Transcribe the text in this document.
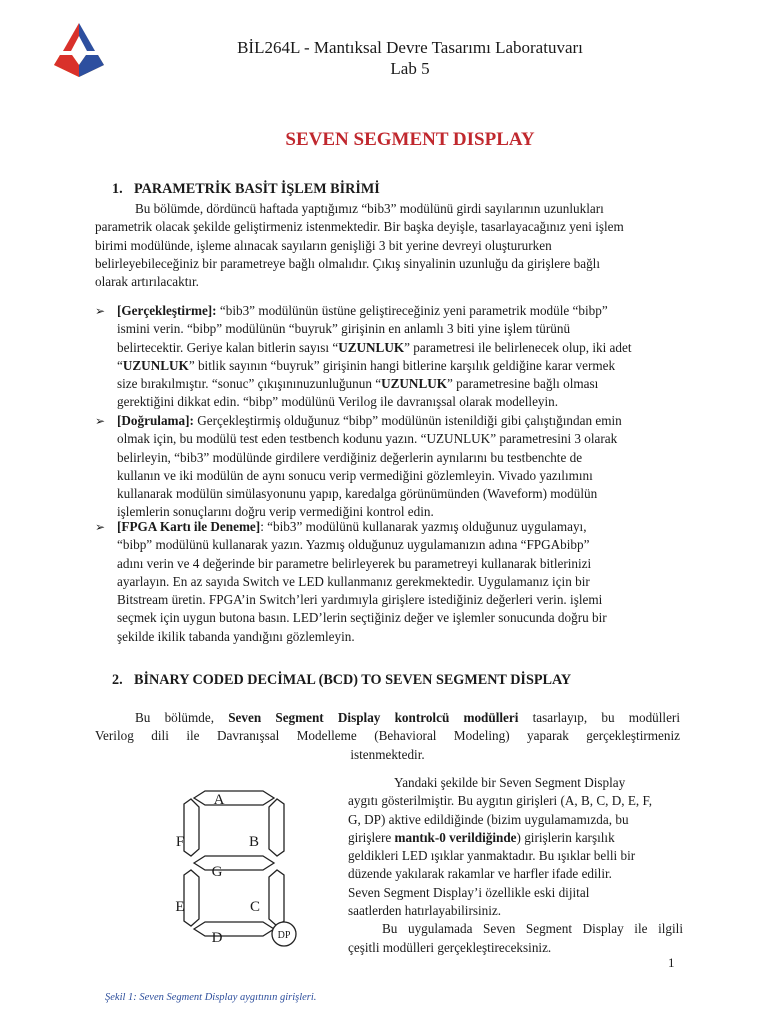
BİL264L - Mantıksal Devre Tasarımı Laboratuvarı
Lab 5
SEVEN SEGMENT DISPLAY
1. PARAMETRİK BASİT İŞLEM BİRİMİ
Bu bölümde, dördüncü haftada yaptığımız “bib3” modülünü girdi sayılarının uzunlukları
parametrik olacak şekilde geliştirmeniz istenmektedir. Bir başka deyişle, tasarlayacağınız yeni işlem
birimi modülünde, işleme alınacak sayıların genişliği 3 bit yerine devreyi oluştururken
belirleyebileceğiniz bir parametreye bağlı olmalıdır. Çıkış sinyalinin uzunluğu da girişlere bağlı
olarak artırılacaktır.
➢ [Gerçekleştirme]: “bib3” modülünün üstüne geliştireceğiniz yeni parametrik modüle “bibp”
ismini verin. “bibp” modülünün “buyruk” girişinin en anlamlı 3 biti yine işlem türünü
belirtecektir. Geriye kalan bitlerin sayısı “UZUNLUK” parametresi ile belirlenecek olup, iki adet
“UZUNLUK” bitlik sayının “buyruk” girişinin hangi bitlerine karşılık geldiğine karar vermek
size bırakılmıştır. “sonuc” çıkışınınuzunluğunun “UZUNLUK” parametresine bağlı olması
gerektiğini dikkat edin. “bibp” modülünü Verilog ile davranışsal olarak modelleyin.
➢ [Doğrulama]: Gerçekleştirmiş olduğunuz “bibp” modülünün istenildiği gibi çalıştığından emin
olmak için, bu modülü test eden testbench kodunu yazın. “UZUNLUK” parametresini 3 olarak
belirleyin, “bib3” modülünde girdilere verdiğiniz değerlerin aynılarını bu testbenchte de
kullanın ve iki modülün de aynı sonucu verip vermediğini gözlemleyin. Vivado yazılımını
kullanarak modülün simülasyonunu yapıp, karedalga görünümünden (Waveform) modülün
işlemlerin sonuçlarını doğru verip vermediğini kontrol edin.
➢ [FPGA Kartı ile Deneme]: “bib3” modülünü kullanarak yazmış olduğunuz uygulamayı,
“bibp” modülünü kullanarak yazın. Yazmış olduğunuz uygulamanızın adına “FPGAbibp”
adını verin ve 4 değerinde bir parametre belirleyerek bu parametreyi kullanarak bitlerinizi
ayarlayın. En az sayıda Switch ve LED kullanmanız gerekmektedir. Uygulamanız için bir
Bitstream üretin. FPGA’in Switch’leri yardımıyla girişlere istediğiniz değerleri verin. işlemi
seçmek için uygun butona basın. LED’lerin seçtiğiniz değer ve işlemler sonucunda doğru bir
şekilde ikilik tabanda yandığını gözlemleyin.
2. BİNARY CODED DECİMAL (BCD) TO SEVEN SEGMENT DİSPLAY
Bu bölümde, Seven Segment Display kontrolcü modülleri tasarlayıp, bu modülleri
Verilog dili ile Davranışsal Modelleme (Behavioral Modeling) yaparak gerçekleştirmeniz
istenmektedir.
A
F	B
G
E	C
D	DP
Yandaki şekilde bir Seven Segment Display
aygıtı gösterilmiştir. Bu aygıtın girişleri (A, B, C, D, E, F,
G, DP) aktive edildiğinde (bizim uygulamamızda, bu
girişlere mantık-0 verildiğinde) girişlerin karşılık
geldikleri LED ışıklar yanmaktadır. Bu ışıklar belli bir
düzende yakılarak rakamlar ve harfler ifade edilir.
Seven Segment Display’i özellikle eski dijital
saatlerden hatırlayabilirsiniz.
Bu uygulamada Seven Segment Display ile ilgili
çeşitli modülleri gerçekleştireceksiniz.
1
Şekil 1: Seven Segment Display aygıtının girişleri.
